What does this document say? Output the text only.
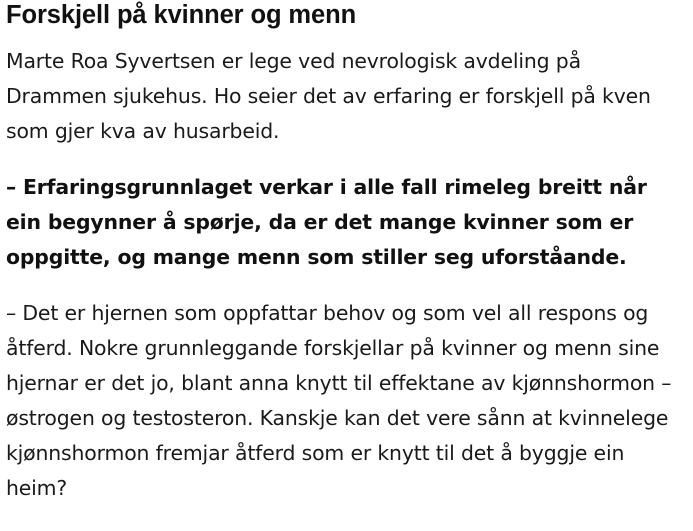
Forskjell på kvinner og menn

Marte Roa Syvertsen er lege ved nevrologisk avdeling på Drammen sjukehus. Ho seier det av erfaring er forskjell på kven som gjer kva av husarbeid.

– Erfaringsgrunnlaget verkar i alle fall rimeleg breitt når ein begynner å spørje, da er det mange kvinner som er oppgitte, og mange menn som stiller seg uforståande.

– Det er hjernen som oppfattar behov og som vel all respons og åtferd. Nokre grunnleggande forskjellar på kvinner og menn sine hjernar er det jo, blant anna knytt til effektane av kjønnshormon – østrogen og testosteron. Kanskje kan det vere sånn at kvinnelege kjønnshormon fremjar åtferd som er knytt til det å byggje ein heim?
